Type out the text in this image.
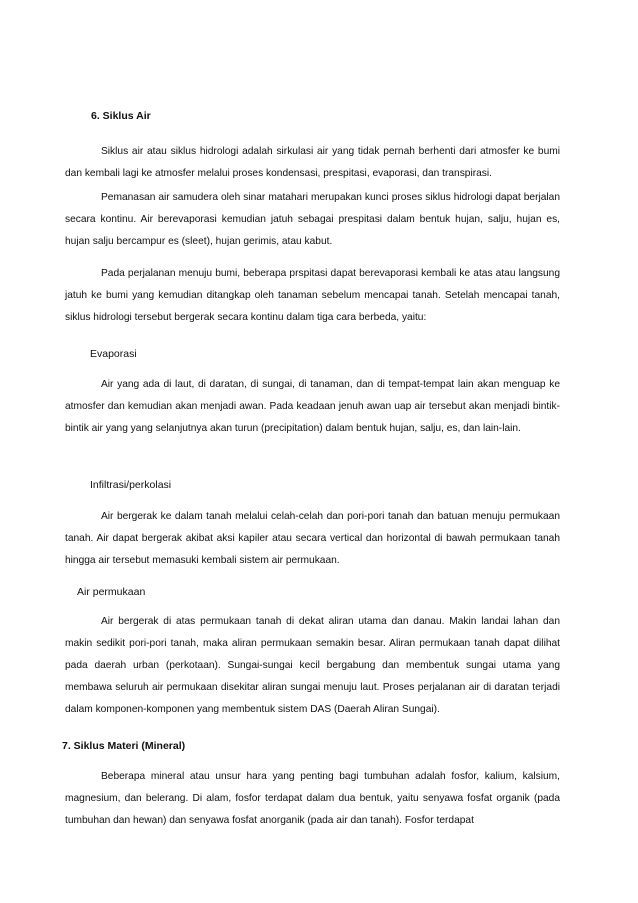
6. Siklus Air

Siklus air atau siklus hidrologi adalah sirkulasi air yang tidak pernah berhenti dari atmosfer ke bumi dan kembali lagi ke atmosfer melalui proses kondensasi, prespitasi, evaporasi, dan transpirasi.

Pemanasan air samudera oleh sinar matahari merupakan kunci proses siklus hidrologi dapat berjalan secara kontinu. Air berevaporasi kemudian jatuh sebagai prespitasi dalam bentuk hujan, salju, hujan es, hujan salju bercampur es (sleet), hujan gerimis, atau kabut.

Pada perjalanan menuju bumi, beberapa prspitasi dapat berevaporasi kembali ke atas atau langsung jatuh ke bumi yang kemudian ditangkap oleh tanaman sebelum mencapai tanah. Setelah mencapai tanah, siklus hidrologi tersebut bergerak secara kontinu dalam tiga cara berbeda, yaitu:

Evaporasi

Air yang ada di laut, di daratan, di sungai, di tanaman, dan di tempat-tempat lain akan menguap ke atmosfer dan kemudian akan menjadi awan. Pada keadaan jenuh awan uap air tersebut akan menjadi bintik-bintik air yang yang selanjutnya akan turun (precipitation) dalam bentuk hujan, salju, es, dan lain-lain.

Infiltrasi/perkolasi

Air bergerak ke dalam tanah melalui celah-celah dan pori-pori tanah dan batuan menuju permukaan tanah. Air dapat bergerak akibat aksi kapiler atau secara vertical dan horizontal di bawah permukaan tanah hingga air tersebut memasuki kembali sistem air permukaan.

Air permukaan

Air bergerak di atas permukaan tanah di dekat aliran utama dan danau. Makin landai lahan dan makin sedikit pori-pori tanah, maka aliran permukaan semakin besar. Aliran permukaan tanah dapat dilihat pada daerah urban (perkotaan). Sungai-sungai kecil bergabung dan membentuk sungai utama yang membawa seluruh air permukaan disekitar aliran sungai menuju laut. Proses perjalanan air di daratan terjadi dalam komponen-komponen yang membentuk sistem DAS (Daerah Aliran Sungai).

7. Siklus Materi (Mineral)

Beberapa mineral atau unsur hara yang penting bagi tumbuhan adalah fosfor, kalium, kalsium, magnesium, dan belerang. Di alam, fosfor terdapat dalam dua bentuk, yaitu senyawa fosfat organik (pada tumbuhan dan hewan) dan senyawa fosfat anorganik (pada air dan tanah). Fosfor terdapat
